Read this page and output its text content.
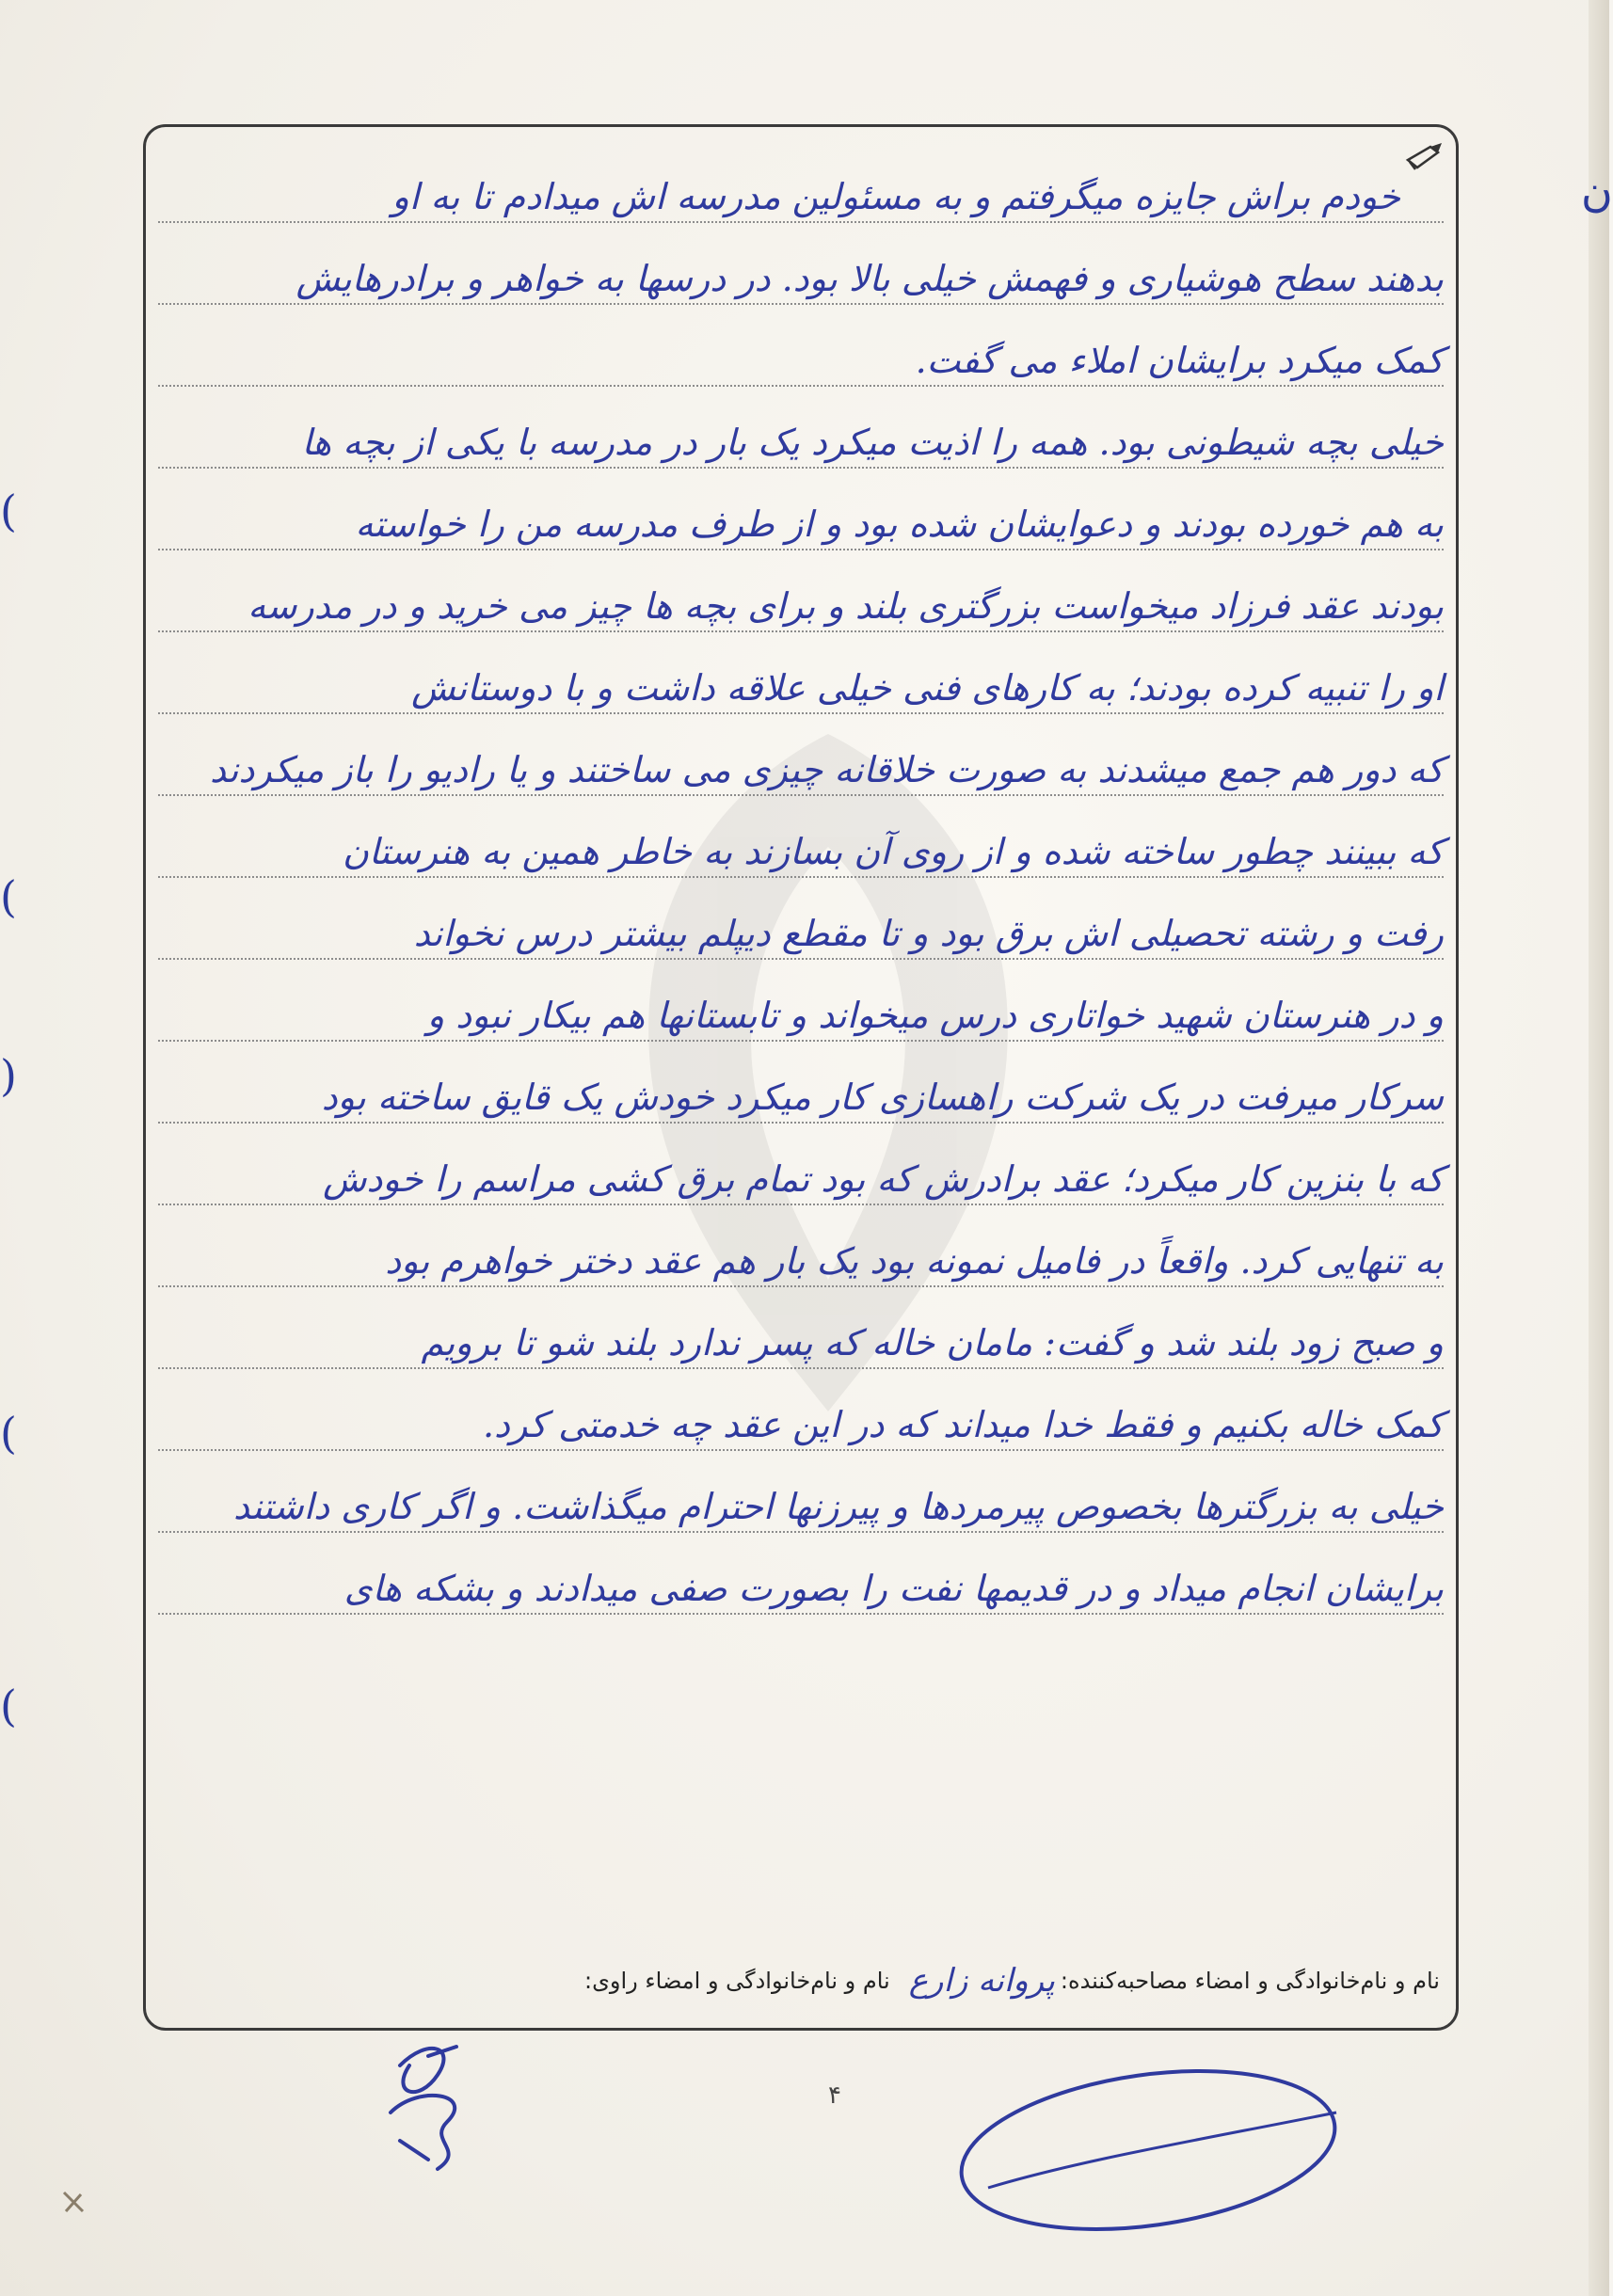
ن
(
(
)
(
(
خودم براش جایزه میگرفتم و به مسئولین مدرسه اش میدادم تا به او
بدهند سطح هوشیاری و فهمش خیلی بالا بود. در درسها به خواهر و برادرهایش
کمک میکرد برایشان املاء می گفت.
خیلی بچه شیطونی بود. همه را اذیت میکرد یک بار در مدرسه با یکی از بچه ها
به هم خورده بودند و دعوایشان شده بود و از طرف مدرسه من را خواسته
بودند عقد فرزاد میخواست بزرگتری بلند و برای بچه ها چیز می خرید و در مدرسه
او را تنبیه کرده بودند؛ به کارهای فنی خیلی علاقه داشت و با دوستانش
که دور هم جمع میشدند به صورت خلاقانه چیزی می ساختند و یا رادیو را باز میکردند
که ببینند چطور ساخته شده و از روی آن بسازند به خاطر همین به هنرستان
رفت و رشته تحصیلی اش برق بود و تا مقطع دیپلم بیشتر درس نخواند
و در هنرستان شهید خواتاری درس میخواند و تابستانها هم بیکار نبود و
سرکار میرفت در یک شرکت راهسازی کار میکرد خودش یک قایق ساخته بود
که با بنزین کار میکرد؛ عقد برادرش که بود تمام برق کشی مراسم را خودش
به تنهایی کرد. واقعاً در فامیل نمونه بود یک بار هم عقد دختر خواهرم بود
و صبح زود بلند شد و گفت: مامان خاله که پسر ندارد بلند شو تا برویم
کمک خاله بکنیم و فقط خدا میداند که در این عقد چه خدمتی کرد.
خیلی به بزرگترها بخصوص پیرمردها و پیرزنها احترام میگذاشت. و اگر کاری داشتند
برایشان انجام میداد و در قدیمها نفت را بصورت صفی میدادند و بشکه های
نام و نام‌خانوادگی و امضاء مصاحبه‌کننده:
پروانه زارع
نام و نام‌خانوادگی و امضاء راوی:
۴
